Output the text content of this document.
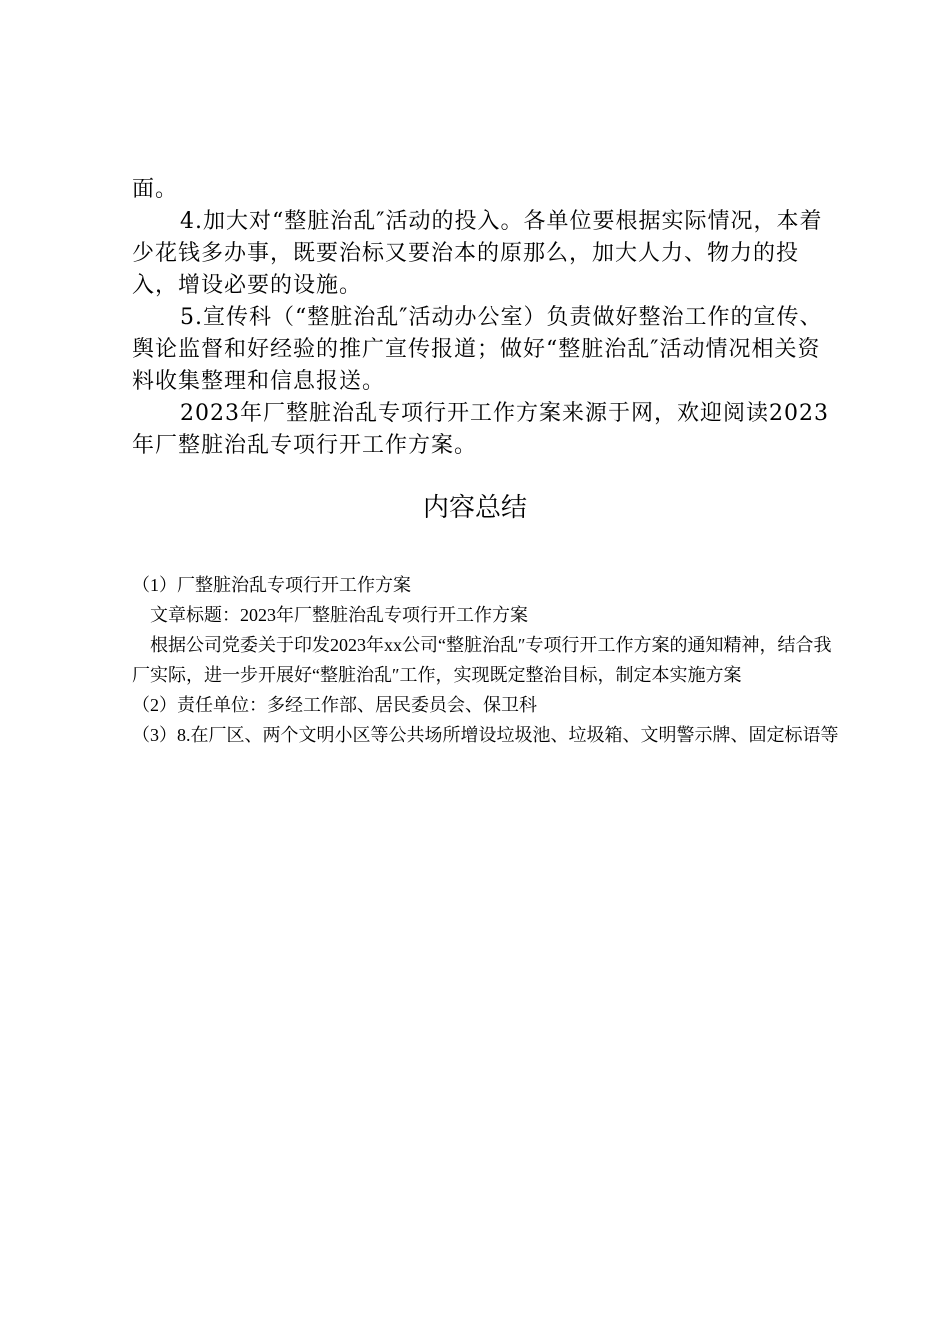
面。

4.加大对“整脏治乱″活动的投入。各单位要根据实际情况，本着少花钱多办事，既要治标又要治本的原那么，加大人力、物力的投入，增设必要的设施。

5.宣传科（“整脏治乱″活动办公室）负责做好整治工作的宣传、舆论监督和好经验的推广宣传报道；做好“整脏治乱″活动情况相关资料收集整理和信息报送。

2023年厂整脏治乱专项行开工作方案来源于网，欢迎阅读2023年厂整脏治乱专项行开工作方案。

内容总结

（1）厂整脏治乱专项行开工作方案

文章标题：2023年厂整脏治乱专项行开工作方案

根据公司党委关于印发2023年xx公司“整脏治乱″专项行开工作方案的通知精神，结合我厂实际，进一步开展好“整脏治乱″工作，实现既定整治目标，制定本实施方案

（2）责任单位：多经工作部、居民委员会、保卫科

（3）8.在厂区、两个文明小区等公共场所增设垃圾池、垃圾箱、文明警示牌、固定标语等
